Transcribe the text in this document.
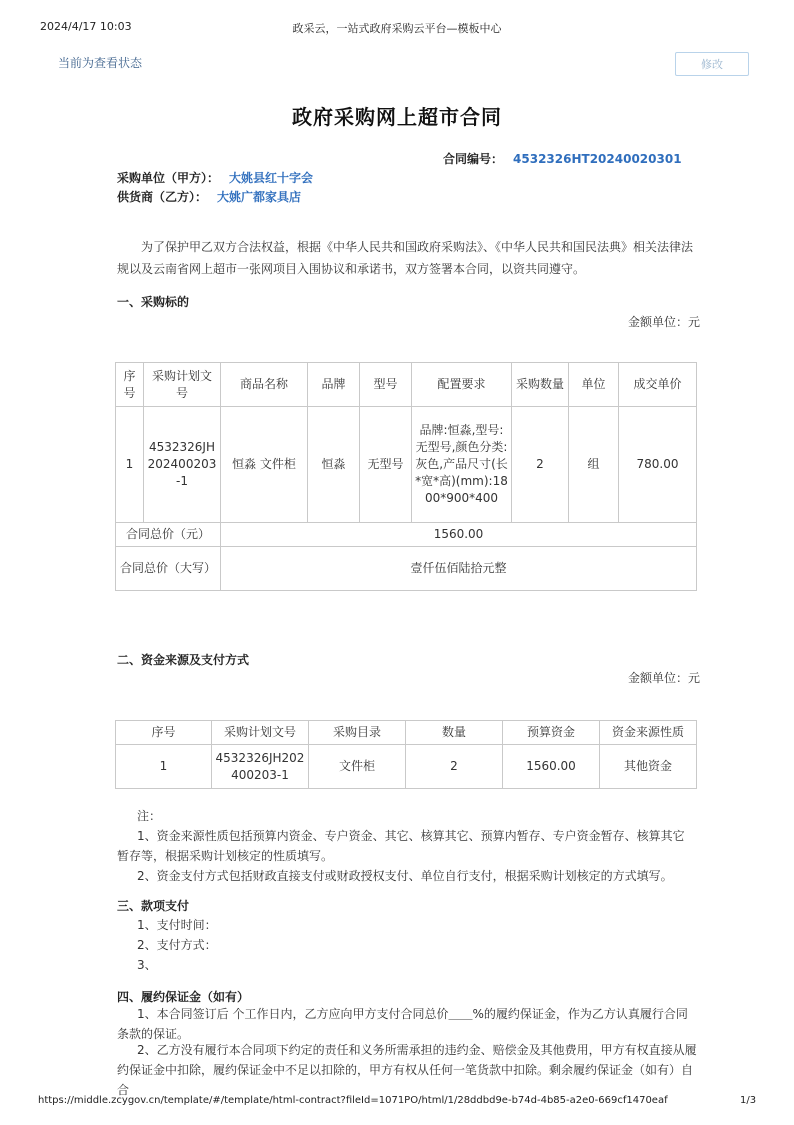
2024/4/17 10:03	政采云，一站式政府采购云平台—模板中心
当前为查看状态	修改
政府采购网上超市合同
合同编号： 4532326HT20240020301
采购单位（甲方）： 大姚县红十字会
供货商（乙方）： 大姚广都家具店
为了保护甲乙双方合法权益，根据《中华人民共和国政府采购法》、《中华人民共和国民法典》相关法律法规以及云南省网上超市一张网项目入围协议和承诺书，双方签署本合同，以资共同遵守。
一、采购标的
金额单位：元
序号	采购计划文号	商品名称	品牌	型号	配置要求	采购数量	单位	成交单价
1	4532326JH202400203-1	恒淼 文件柜	恒淼	无型号	品牌:恒淼,型号:无型号,颜色分类:灰色,产品尺寸(长*宽*高)(mm):1800*900*400	2	组	780.00
合同总价（元）		1560.00						
合同总价（大写）		壹仟伍佰陆拾元整						
二、资金来源及支付方式
金额单位：元
序号	采购计划文号	采购目录	数量	预算资金	资金来源性质
1	4532326JH202400203-1	文件柜	2	1560.00	其他资金
注：
1、资金来源性质包括预算内资金、专户资金、其它、核算其它、预算内暂存、专户资金暂存、核算其它 暂存等，根据采购计划核定的性质填写。
2、资金支付方式包括财政直接支付或财政授权支付、单位自行支付，根据采购计划核定的方式填写。
三、款项支付
1、支付时间：
2、支付方式：
3、
四、履约保证金（如有）
1、本合同签订后 个工作日内，乙方应向甲方支付合同总价＿＿%的履约保证金，作为乙方认真履行合同条款的保证。
2、乙方没有履行本合同项下约定的责任和义务所需承担的违约金、赔偿金及其他费用，甲方有权直接从履约保证金中扣除，履约保证金中不足以扣除的，甲方有权从任何一笔货款中扣除。剩余履约保证金（如有）自 合
https://middle.zcygov.cn/template/#/template/html-contract?fileId=1071PO/html/1/28ddbd9e-b74d-4b85-a2e0-669cf1470eaf	1/3
